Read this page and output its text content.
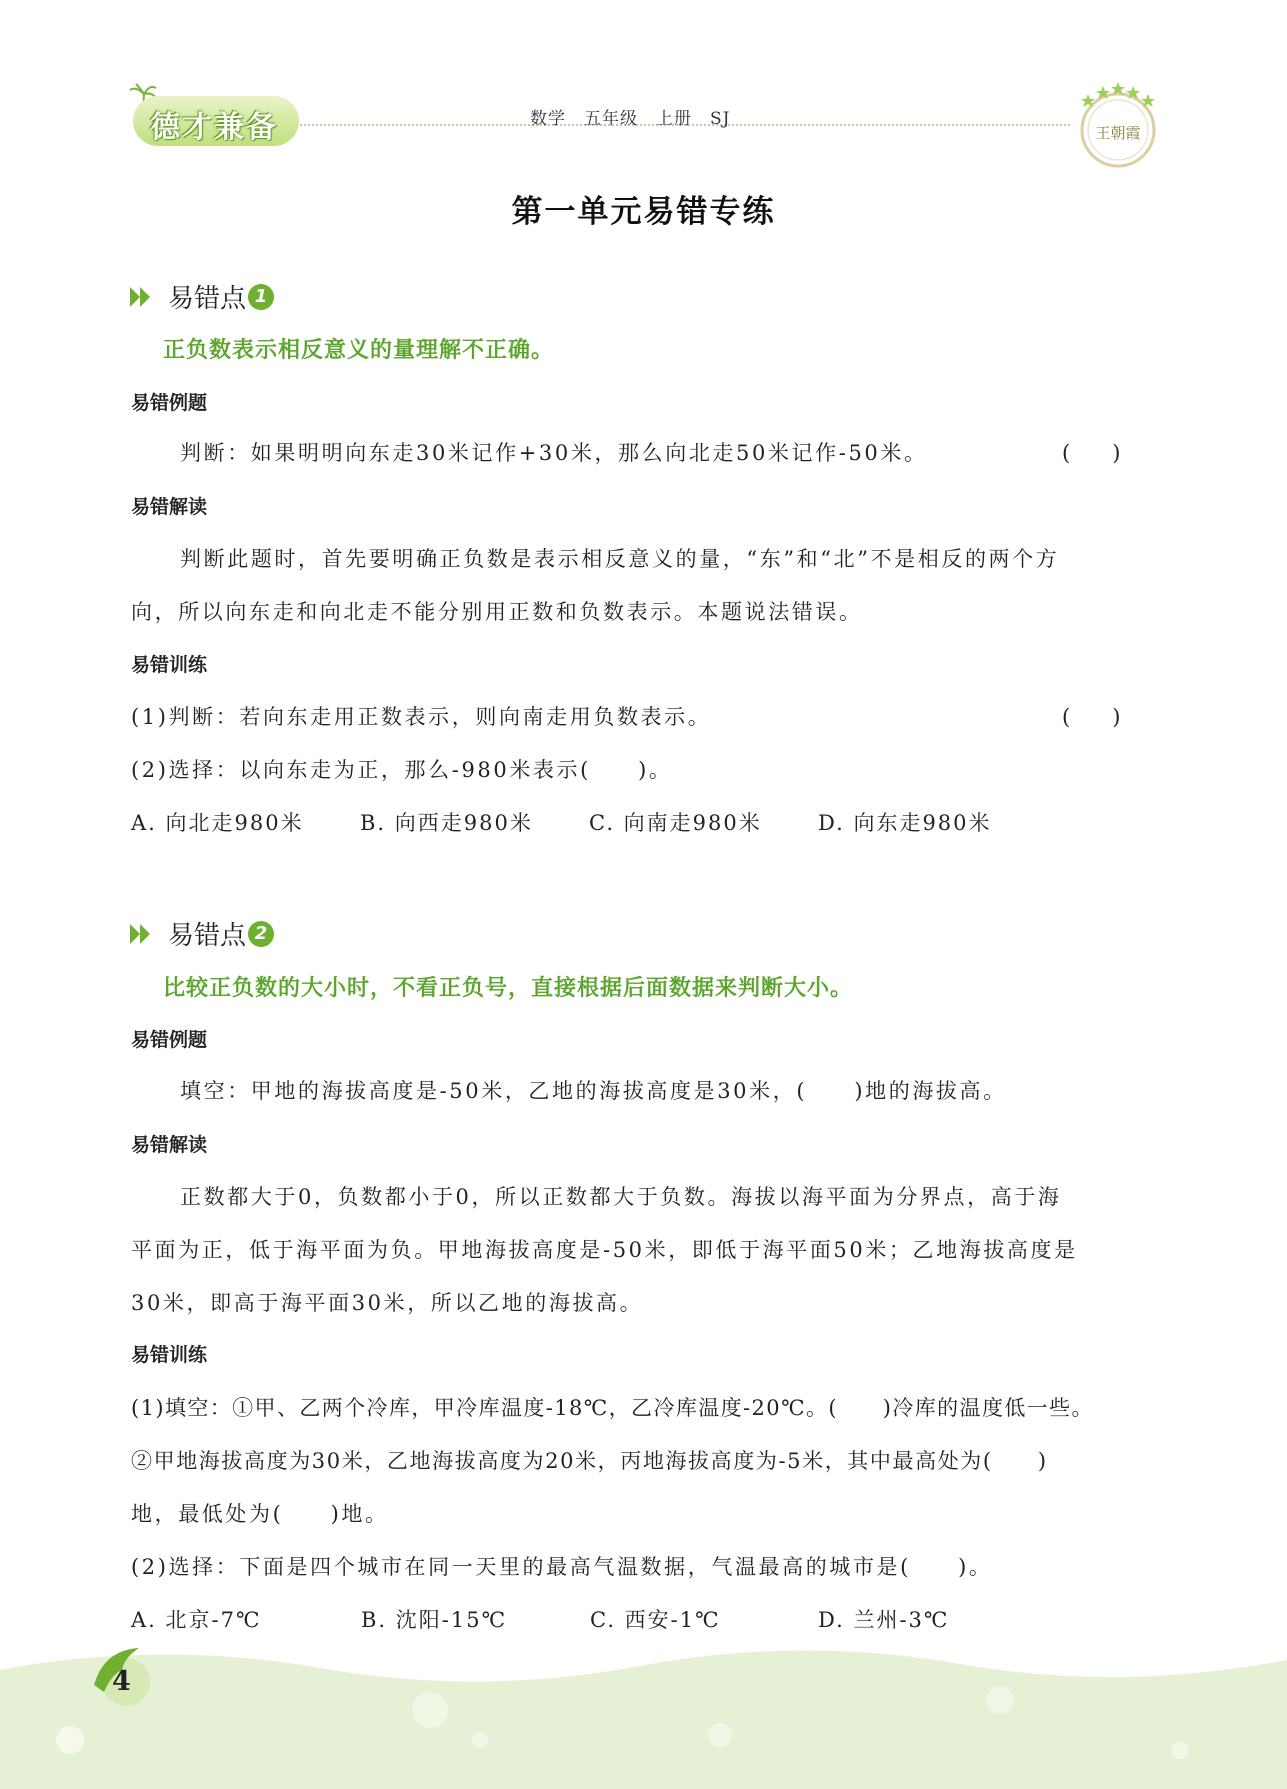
德才兼备	数学　五年级　上册　SJ
王朝霞
第一单元易错专练
易错点 1
正负数表示相反意义的量理解不正确。
易错例题
判断：如果明明向东走30米记作+30米，那么向北走50米记作-50米。	(　　)
易错解读
判断此题时，首先要明确正负数是表示相反意义的量，“东”和“北”不是相反的两个方
向，所以向东走和向北走不能分别用正数和负数表示。本题说法错误。
易错训练
(1)判断：若向东走用正数表示，则向南走用负数表示。	(　　)
(2)选择：以向东走为正，那么-980米表示(　　)。
A. 向北走980米	B. 向西走980米	C. 向南走980米	D. 向东走980米
易错点 2
比较正负数的大小时，不看正负号，直接根据后面数据来判断大小。
易错例题
填空：甲地的海拔高度是-50米，乙地的海拔高度是30米，(　　)地的海拔高。
易错解读
正数都大于0，负数都小于0，所以正数都大于负数。海拔以海平面为分界点，高于海
平面为正，低于海平面为负。甲地海拔高度是-50米，即低于海平面50米；乙地海拔高度是
30米，即高于海平面30米，所以乙地的海拔高。
易错训练
(1)填空：①甲、乙两个冷库，甲冷库温度-18℃，乙冷库温度-20℃。(　　)冷库的温度低一些。
②甲地海拔高度为30米，乙地海拔高度为20米，丙地海拔高度为-5米，其中最高处为(　　)
地，最低处为(　　)地。
(2)选择：下面是四个城市在同一天里的最高气温数据，气温最高的城市是(　　)。
A. 北京-7℃	B. 沈阳-15℃	C. 西安-1℃	D. 兰州-3℃
4
